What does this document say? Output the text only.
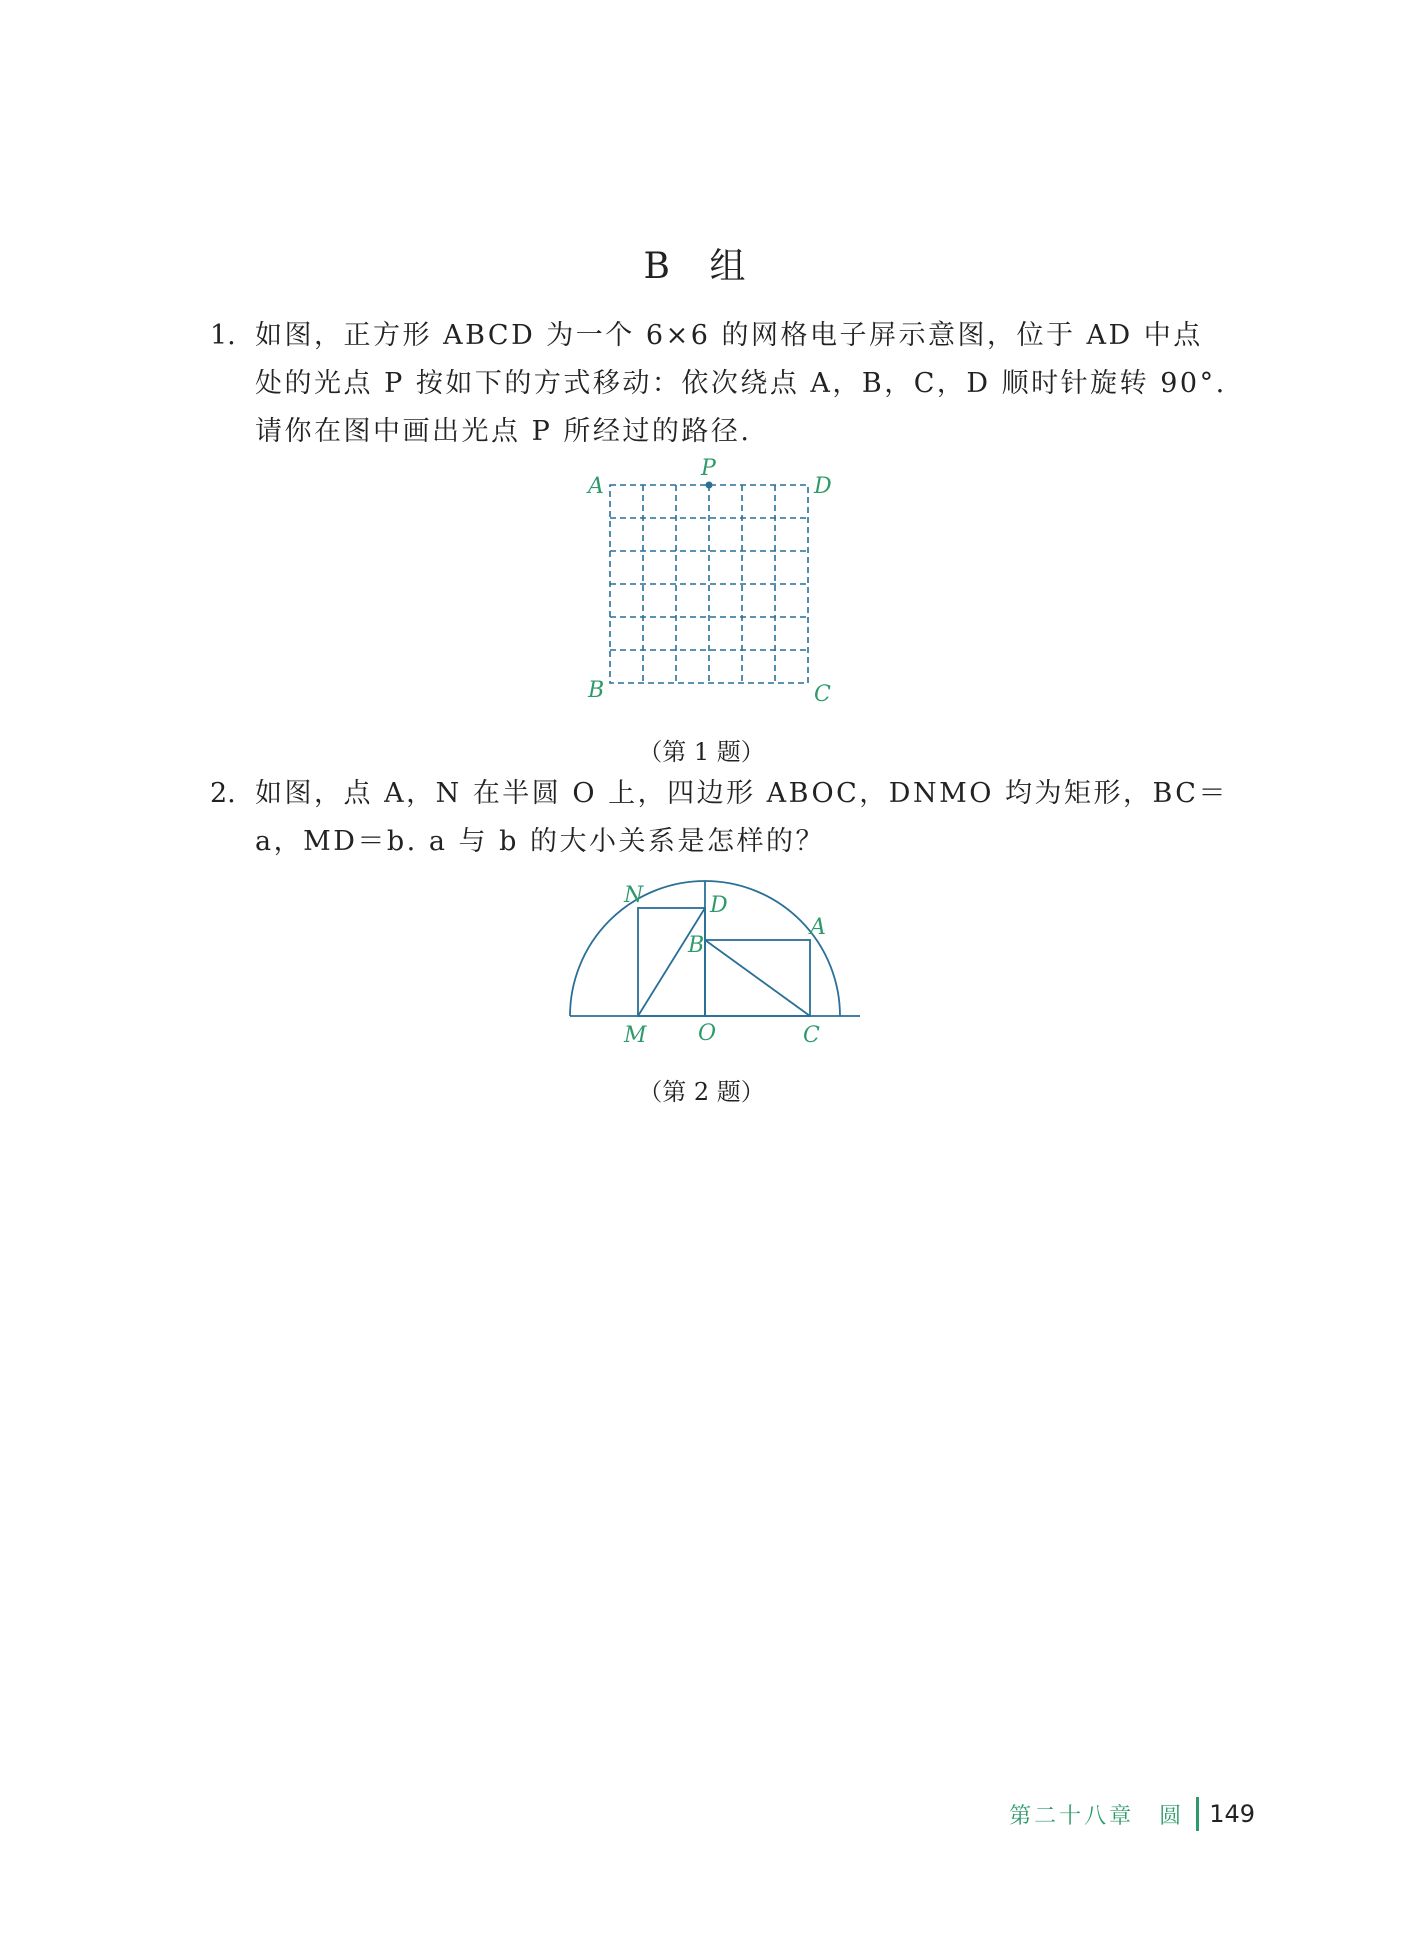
B 组
1. 如图，正方形 ABCD 为一个 6×6 的网格电子屏示意图，位于 AD 中点
处的光点 P 按如下的方式移动：依次绕点 A，B，C，D 顺时针旋转 90°.
请你在图中画出光点 P 所经过的路径.
A
P
D
B	C
（第 1 题）
2. 如图，点 A，N 在半圆 O 上，四边形 ABOC，DNMO 均为矩形，BC＝
a，MD＝b. a 与 b 的大小关系是怎样的？
N	D
A
B
M O	C
（第 2 题）
第二十八章　圆 149
